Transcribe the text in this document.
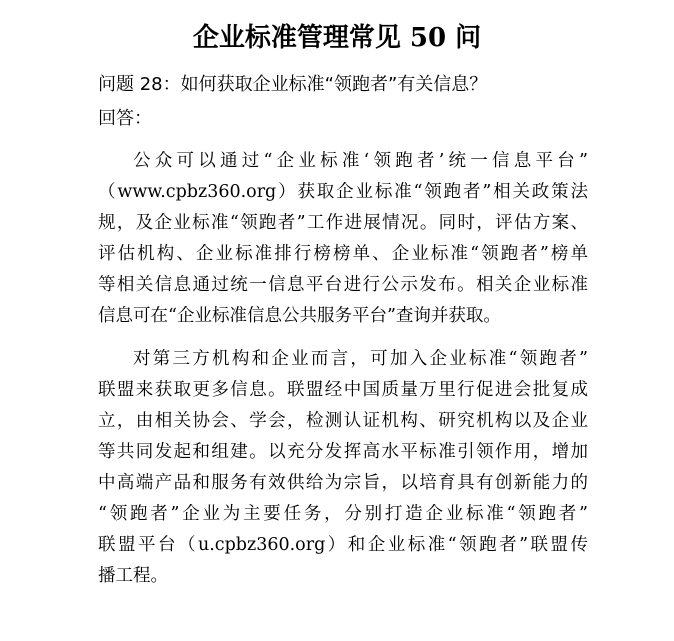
企业标准管理常见 50 问
问题 28：如何获取企业标准“领跑者”有关信息？
回答：
公众可以通过“企业标准‘领跑者’统一信息平台”
（www.cpbz360.org）获取企业标准“领跑者”相关政策法
规，及企业标准“领跑者”工作进展情况。同时，评估方案、
评估机构、企业标准排行榜榜单、企业标准“领跑者”榜单
等相关信息通过统一信息平台进行公示发布。相关企业标准
信息可在“企业标准信息公共服务平台”查询并获取。
对第三方机构和企业而言，可加入企业标准“领跑者”
联盟来获取更多信息。联盟经中国质量万里行促进会批复成
立，由相关协会、学会，检测认证机构、研究机构以及企业
等共同发起和组建。以充分发挥高水平标准引领作用，增加
中高端产品和服务有效供给为宗旨，以培育具有创新能力的
“领跑者”企业为主要任务，分别打造企业标准“领跑者”
联盟平台（u.cpbz360.org）和企业标准“领跑者”联盟传
播工程。
